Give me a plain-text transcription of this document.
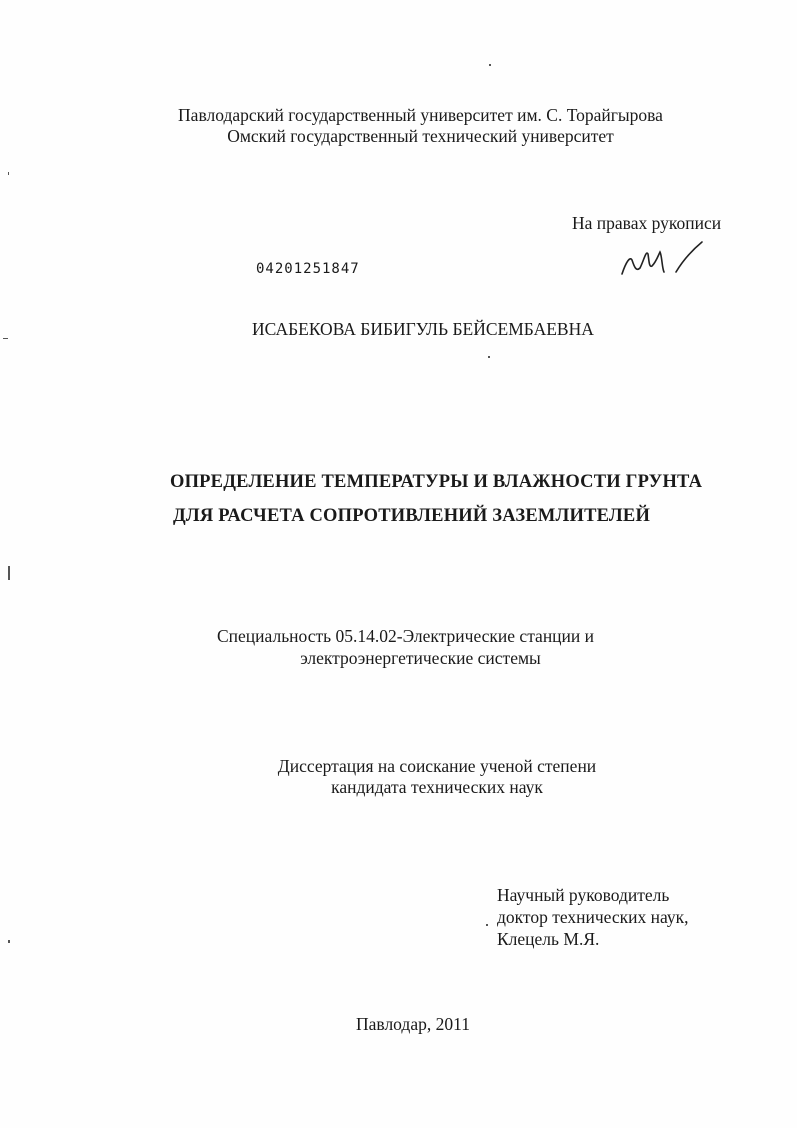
Павлодарский государственный университет им. С. Торайгырова
Омский государственный технический университет
На правах рукописи
04201251847
ИСАБЕКОВА БИБИГУЛЬ БЕЙСЕМБАЕВНА
ОПРЕДЕЛЕНИЕ ТЕМПЕРАТУРЫ И ВЛАЖНОСТИ ГРУНТА
ДЛЯ РАСЧЕТА СОПРОТИВЛЕНИЙ ЗАЗЕМЛИТЕЛЕЙ
Специальность 05.14.02-Электрические станции и
электроэнергетические системы
Диссертация на соискание ученой степени
кандидата технических наук
Научный руководитель
доктор технических наук,
Клецель М.Я.
Павлодар, 2011
